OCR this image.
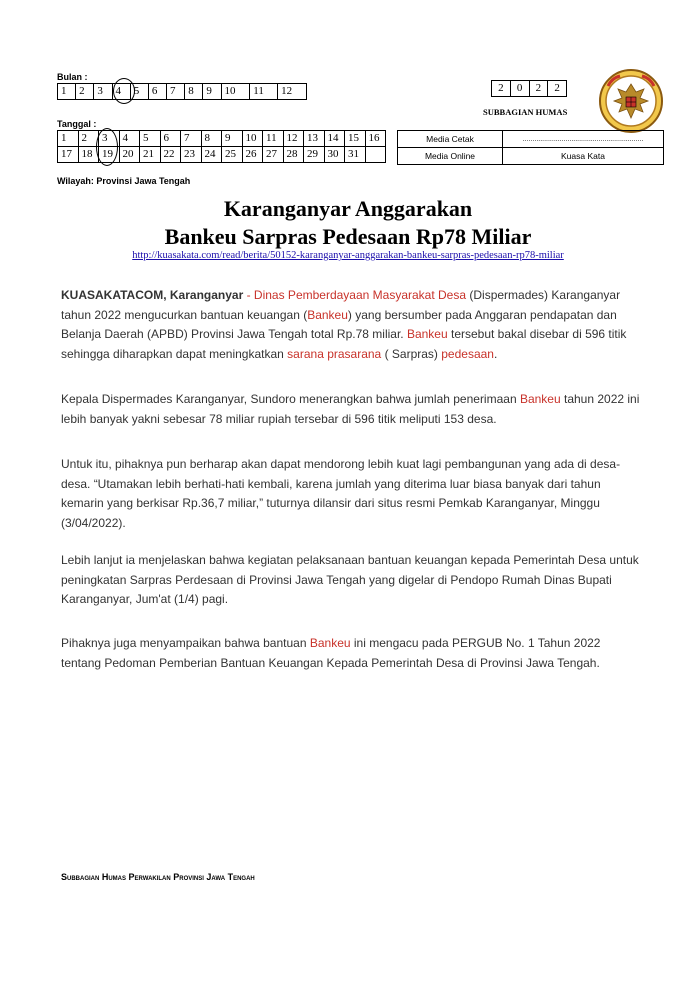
Bulan :
1	2	3	4	5	6	7	8	9	10	11	12
Tanggal :
1	2	3	4	5	6	7	8	9	10	11	12	13	14	15	16
17	18	19	20	21	22	23	24	25	26	27	28	29	30	31	
2	0	2	2
SUBBAGIAN HUMAS
Media Cetak	..............................................................
Media Online	Kuasa Kata
Wilayah: Provinsi Jawa Tengah
Karanganyar Anggarakan
Bankeu Sarpras Pedesaan Rp78 Miliar
http://kuasakata.com/read/berita/50152-karanganyar-anggarakan-bankeu-sarpras-pedesaan-rp78-miliar
KUASAKATACOM, Karanganyar - Dinas Pemberdayaan Masyarakat Desa (Dispermades) Karanganyar tahun 2022 mengucurkan bantuan keuangan (Bankeu) yang bersumber pada Anggaran pendapatan dan Belanja Daerah (APBD) Provinsi Jawa Tengah total Rp.78 miliar. Bankeu tersebut bakal disebar di 596 titik sehingga diharapkan dapat meningkatkan sarana prasarana ( Sarpras) pedesaan.
Kepala Dispermades Karanganyar, Sundoro menerangkan bahwa jumlah penerimaan Bankeu tahun 2022 ini lebih banyak yakni sebesar 78 miliar rupiah tersebar di 596 titik meliputi 153 desa.
Untuk itu, pihaknya pun berharap akan dapat mendorong lebih kuat lagi pembangunan yang ada di desa-desa. “Utamakan lebih berhati-hati kembali, karena jumlah yang diterima luar biasa banyak dari tahun kemarin yang berkisar Rp.36,7 miliar,” tuturnya dilansir dari situs resmi Pemkab Karanganyar, Minggu (3/04/2022).
Lebih lanjut ia menjelaskan bahwa kegiatan pelaksanaan bantuan keuangan kepada Pemerintah Desa untuk peningkatan Sarpras Perdesaan di Provinsi Jawa Tengah yang digelar di Pendopo Rumah Dinas Bupati Karanganyar, Jum'at (1/4) pagi.
Pihaknya juga menyampaikan bahwa bantuan Bankeu ini mengacu pada PERGUB No. 1 Tahun 2022 tentang Pedoman Pemberian Bantuan Keuangan Kepada Pemerintah Desa di Provinsi Jawa Tengah.
Subbagian Humas Perwakilan Provinsi Jawa Tengah
